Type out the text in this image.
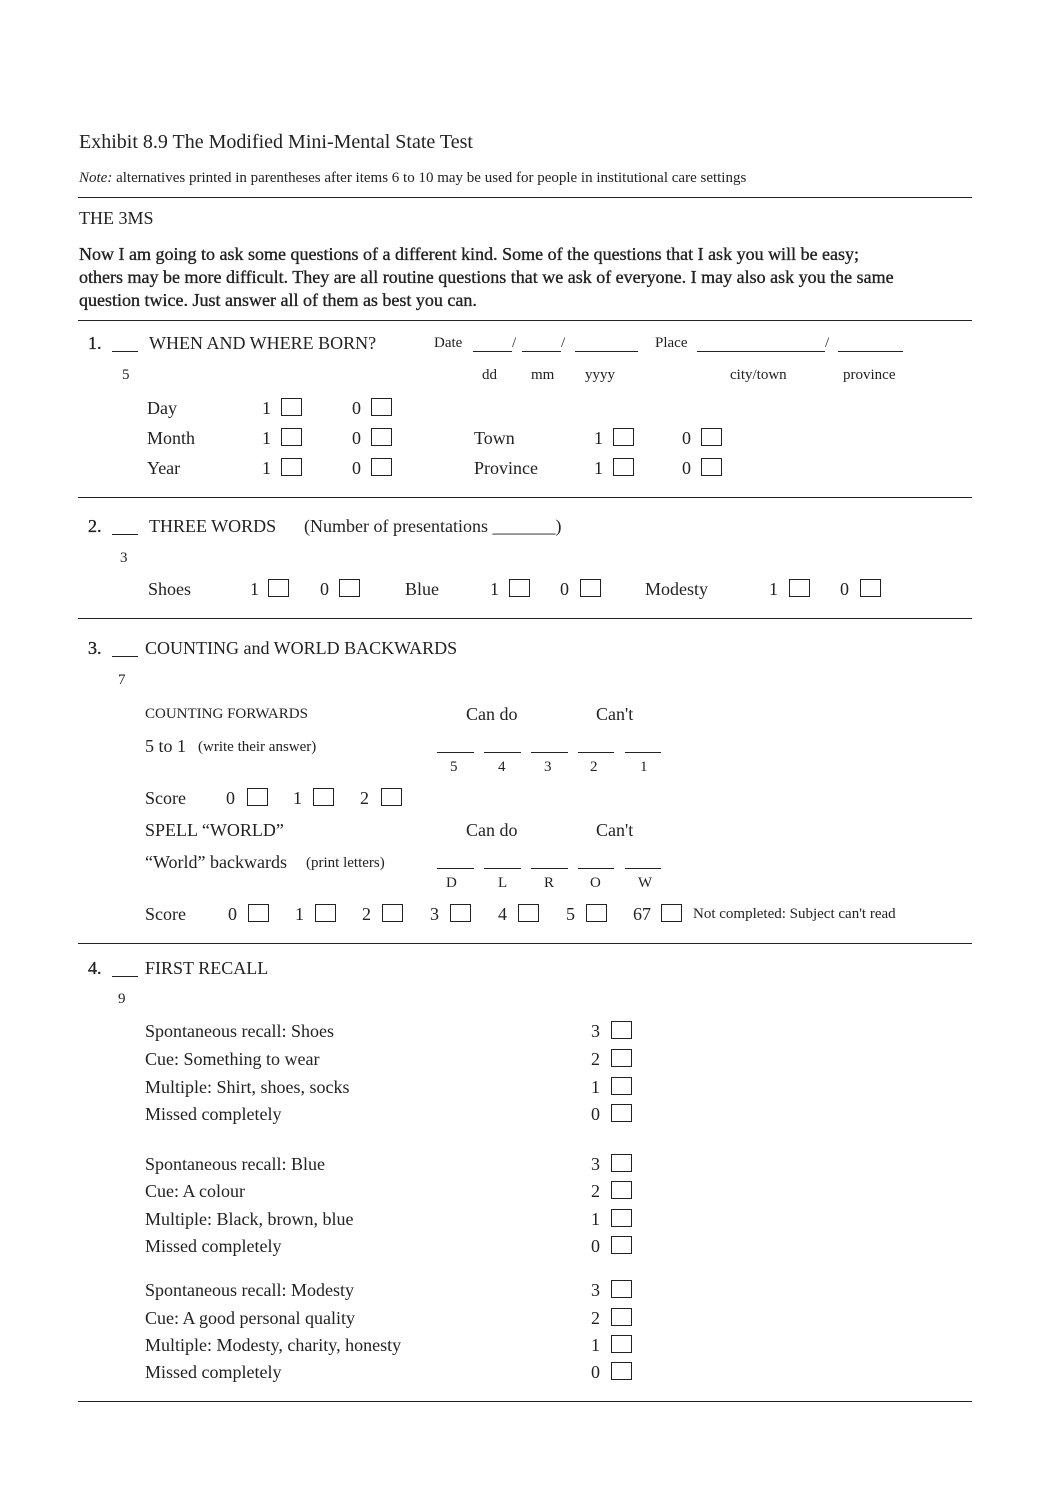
Exhibit 8.9 The Modified Mini-Mental State Test
Note: alternatives printed in parentheses after items 6 to 10 may be used for people in institutional care settings
THE 3MS
Now I am going to ask some questions of a different kind. Some of the questions that I ask you will be easy;
others may be more difficult. They are all routine questions that we ask of everyone. I may also ask you the same
question twice. Just answer all of them as best you can.
1.	WHEN AND WHERE BORN?	Date	/	/	Place	/
5	dd mm yyyy	city/town	province
Day	1	0
Month	1	0
Year	1	0
Town	1	0
Province	1	0
2.	THREE WORDS (Number of presentations _______)
3
Shoes	1	0	Blue	1	0	Modesty	1	0
3. COUNTING and WORLD BACKWARDS
7
COUNTING FORWARDS	Can do	Can't
5 to 1 (write their answer)
5	4	3	2	1
Score 0	1	2
SPELL “WORLD”	Can do	Can't
“World” backwards (print letters)
D	L R O W
Score 0	1	2	3	4	5	67	Not completed: Subject can't read
4. FIRST RECALL
9
Spontaneous recall: Shoes	3
Cue: Something to wear	2
Multiple: Shirt, shoes, socks	1
Missed completely	0
Spontaneous recall: Blue	3
Cue: A colour	2
Multiple: Black, brown, blue	1
Missed completely	0
Spontaneous recall: Modesty	3
Cue: A good personal quality	2
Multiple: Modesty, charity, honesty	1
Missed completely	0
